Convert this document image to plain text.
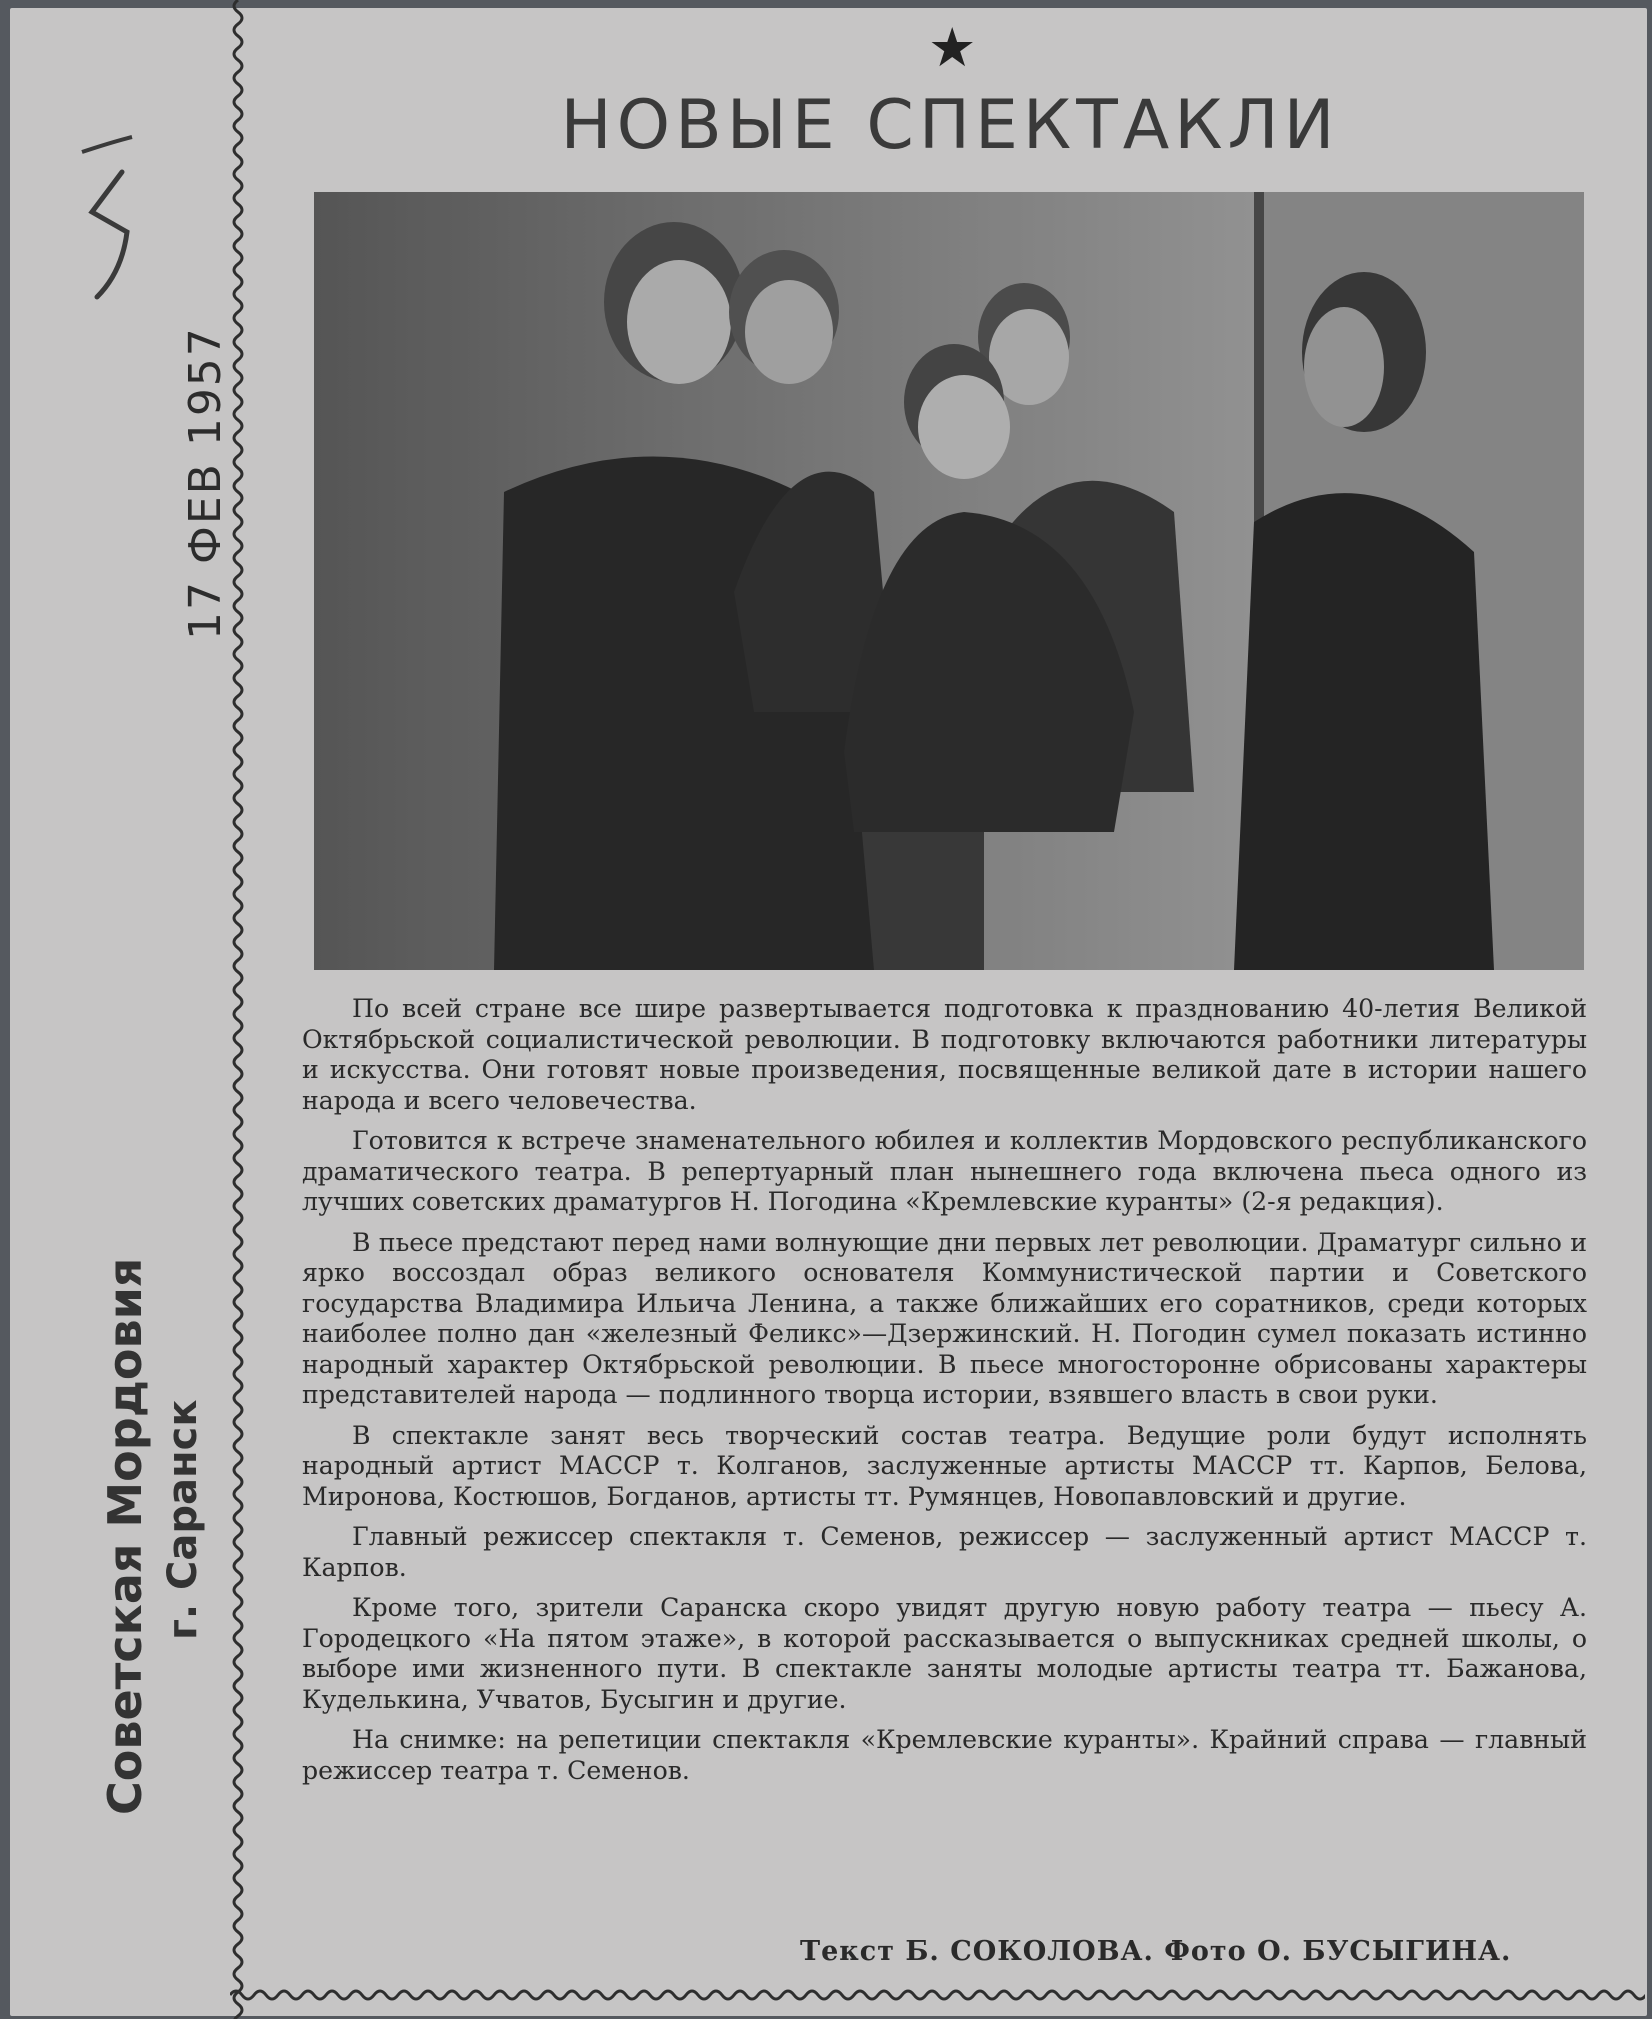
17 ФЕВ 1957
Советская Мордовия г. Саранск
★
НОВЫЕ СПЕКТАКЛИ

По всей стране все шире развертывается подготовка к празднованию 40-летия Великой Октябрьской социалистической революции. В подготовку включаются работники литературы и искусства. Они готовят новые произведения, посвященные великой дате в истории нашего народа и всего человечества.

Готовится к встрече знаменательного юбилея и коллектив Мордовского республиканского драматического театра. В репертуарный план нынешнего года включена пьеса одного из лучших советских драматургов Н. Погодина «Кремлевские куранты» (2-я редакция).

В пьесе предстают перед нами волнующие дни первых лет революции. Драматург сильно и ярко воссоздал образ великого основателя Коммунистической партии и Советского государства Владимира Ильича Ленина, а также ближайших его соратников, среди которых наиболее полно дан «железный Феликс»—Дзержинский. Н. Погодин сумел показать истинно народный характер Октябрьской революции. В пьесе многосторонне обрисованы характеры представителей народа — подлинного творца истории, взявшего власть в свои руки.

В спектакле занят весь творческий состав театра. Ведущие роли будут исполнять народный артист МАССР т. Колганов, заслуженные артисты МАССР тт. Карпов, Белова, Миронова, Костюшов, Богданов, артисты тт. Румянцев, Новопавловский и другие.

Главный режиссер спектакля т. Семенов, режиссер — заслуженный артист МАССР т. Карпов.

Кроме того, зрители Саранска скоро увидят другую новую работу театра — пьесу А. Городецкого «На пятом этаже», в которой рассказывается о выпускниках средней школы, о выборе ими жизненного пути. В спектакле заняты молодые артисты театра тт. Бажанова, Куделькина, Учватов, Бусыгин и другие.

На снимке: на репетиции спектакля «Кремлевские куранты». Крайний справа — главный режиссер театра т. Семенов.

Текст Б. СОКОЛОВА. Фото О. БУСЫГИНА.
